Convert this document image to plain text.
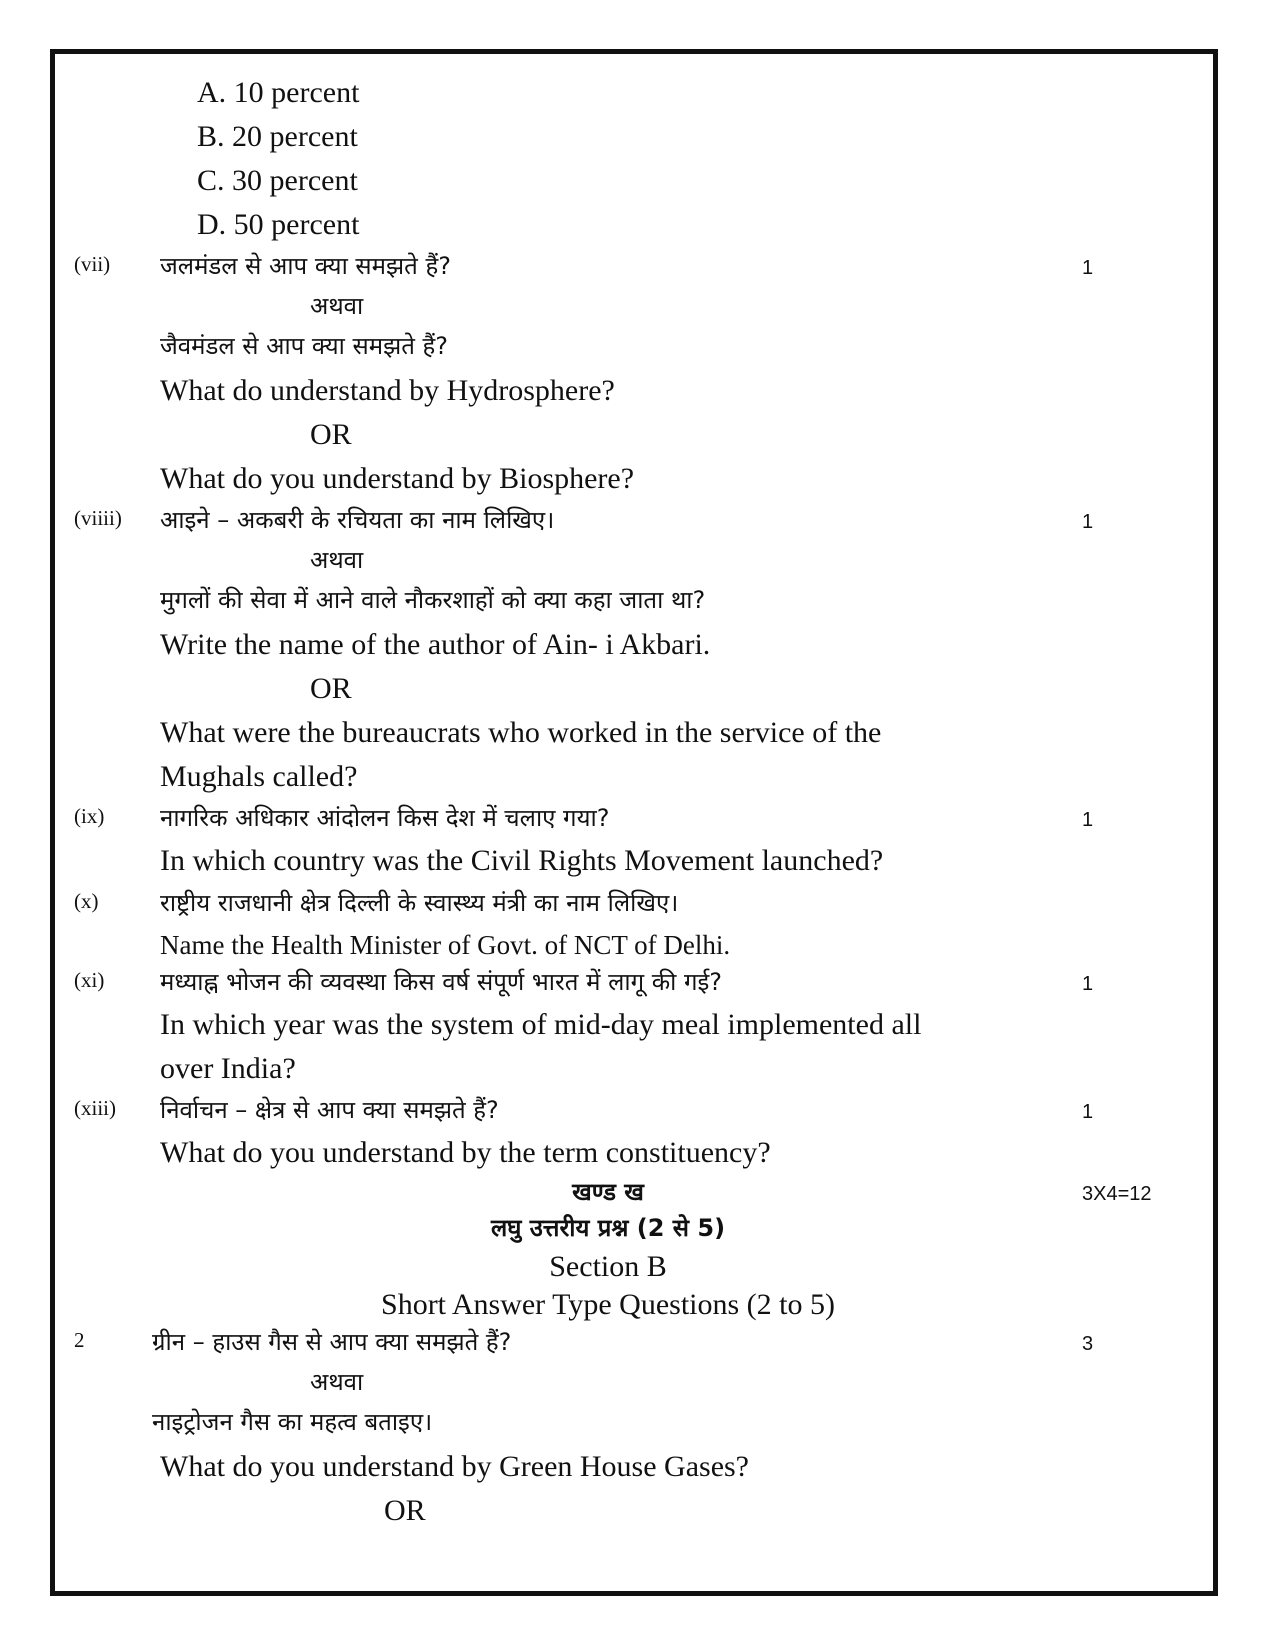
A. 10 percent
B. 20 percent
C. 30 percent
D. 50 percent
(vii) जलमंडल से आप क्या समझते हैं?	1
अथवा
जैवमंडल से आप क्या समझते हैं?
What do understand by Hydrosphere?
OR
What do you understand by Biosphere?
(viiii) आइने – अकबरी के रचियता का नाम लिखिए।	1
अथवा
मुगलों की सेवा में आने वाले नौकरशाहों को क्या कहा जाता था?
Write the name of the author of Ain- i Akbari.
OR
What were the bureaucrats who worked in the service of the
Mughals called?
(ix) नागरिक अधिकार आंदोलन किस देश में चलाए गया?	1
In which country was the Civil Rights Movement launched?
(x)	राष्ट्रीय राजधानी क्षेत्र दिल्ली के स्वास्थ्य मंत्री का नाम लिखिए।
Name the Health Minister of Govt. of NCT of Delhi.
(xi) मध्याह्न भोजन की व्यवस्था किस वर्ष संपूर्ण भारत में लागू की गई?	1
In which year was the system of mid-day meal implemented all
over India?
(xiii) निर्वाचन – क्षेत्र से आप क्या समझते हैं?	1
What do you understand by the term constituency?
खण्ड ख	3X4=12
लघु उत्तरीय प्रश्न (2 से 5)
Section B
Short Answer Type Questions (2 to 5)
2	ग्रीन – हाउस गैस से आप क्या समझते हैं?	3
अथवा
नाइट्रोजन गैस का महत्व बताइए।
What do you understand by Green House Gases?
OR
